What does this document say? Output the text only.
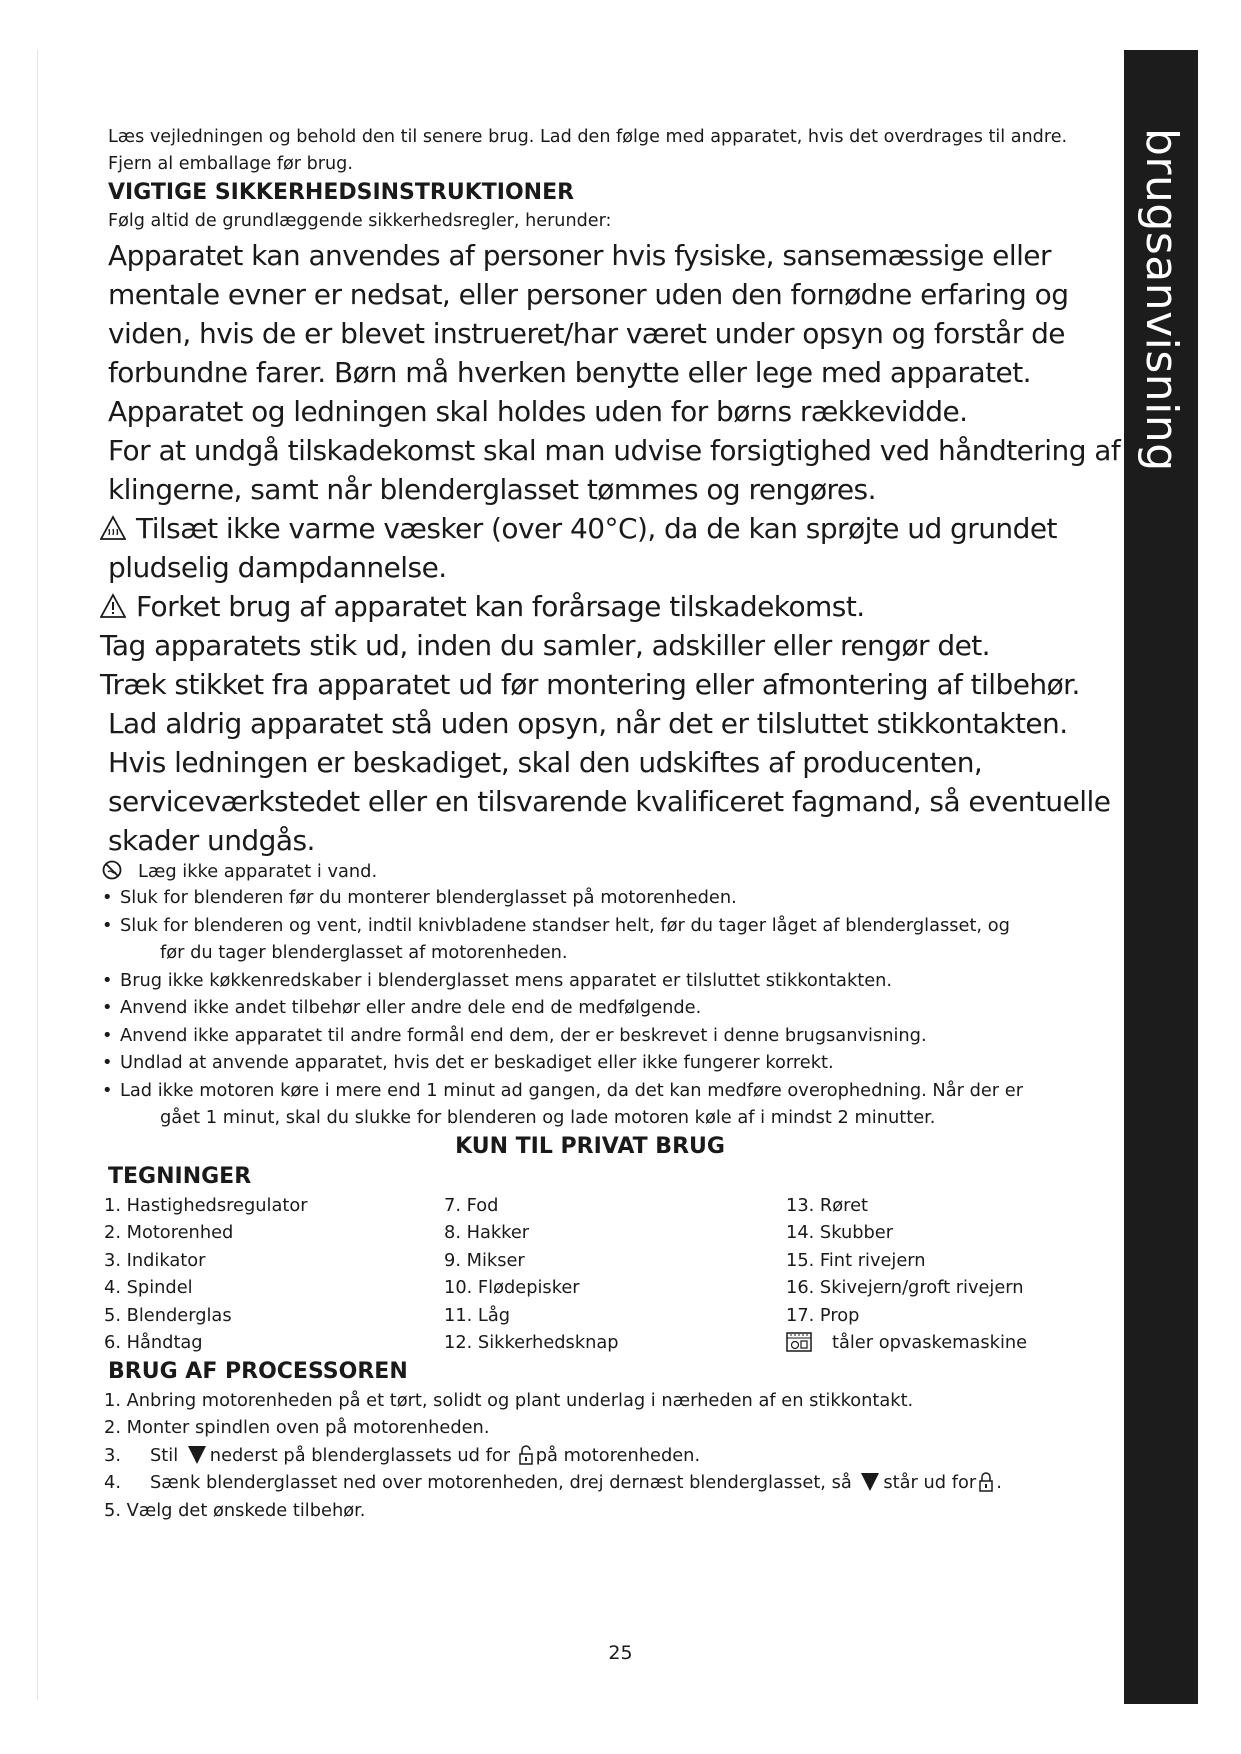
brugsanvisning

Læs vejledningen og behold den til senere brug. Lad den følge med apparatet, hvis det overdrages til andre. Fjern al emballage før brug.

VIGTIGE SIKKERHEDSINSTRUKTIONER

Følg altid de grundlæggende sikkerhedsregler, herunder:

Apparatet kan anvendes af personer hvis fysiske, sansemæssige eller
mentale evner er nedsat, eller personer uden den fornødne erfaring og
viden, hvis de er blevet instrueret/har været under opsyn og forstår de
forbundne farer. Børn må hverken benytte eller lege med apparatet.
Apparatet og ledningen skal holdes uden for børns rækkevidde.
For at undgå tilskadekomst skal man udvise forsigtighed ved håndtering af
klingerne, samt når blenderglasset tømmes og rengøres.
Tilsæt ikke varme væsker (over 40°C), da de kan sprøjte ud grundet
pludselig dampdannelse.
Forket brug af apparatet kan forårsage tilskadekomst.
Tag apparatets stik ud, inden du samler, adskiller eller rengør det.
Træk stikket fra apparatet ud før montering eller afmontering af tilbehør.
Lad aldrig apparatet stå uden opsyn, når det er tilsluttet stikkontakten.
Hvis ledningen er beskadiget, skal den udskiftes af producenten,
serviceværkstedet eller en tilsvarende kvalificeret fagmand, så eventuelle
skader undgås.
Læg ikke apparatet i vand.
• Sluk for blenderen før du monterer blenderglasset på motorenheden.
• Sluk for blenderen og vent, indtil knivbladene standser helt, før du tager låget af blenderglasset, og
før du tager blenderglasset af motorenheden.
• Brug ikke køkkenredskaber i blenderglasset mens apparatet er tilsluttet stikkontakten.
• Anvend ikke andet tilbehør eller andre dele end de medfølgende.
• Anvend ikke apparatet til andre formål end dem, der er beskrevet i denne brugsanvisning.
• Undlad at anvende apparatet, hvis det er beskadiget eller ikke fungerer korrekt.
• Lad ikke motoren køre i mere end 1 minut ad gangen, da det kan medføre overophedning. Når der er
gået 1 minut, skal du slukke for blenderen og lade motoren køle af i mindst 2 minutter.
KUN TIL PRIVAT BRUG
TEGNINGER
1. Hastighedsregulator
2. Motorenhed
3. Indikator
4. Spindel
5. Blenderglas
6. Håndtag
7. Fod
8. Hakker
9. Mikser
10. Flødepisker
11. Låg
12. Sikkerhedsknap
13. Røret
14. Skubber
15. Fint rivejern
16. Skivejern/groft rivejern
17. Prop
tåler opvaskemaskine
BRUG AF PROCESSOREN
1. Anbring motorenheden på et tørt, solidt og plant underlag i nærheden af en stikkontakt.
2. Monter spindlen oven på motorenheden.
3. Stil nederst på blenderglassets ud for på motorenheden.
4. Sænk blenderglasset ned over motorenheden, drej dernæst blenderglasset, så står ud for .
5. Vælg det ønskede tilbehør.
25
